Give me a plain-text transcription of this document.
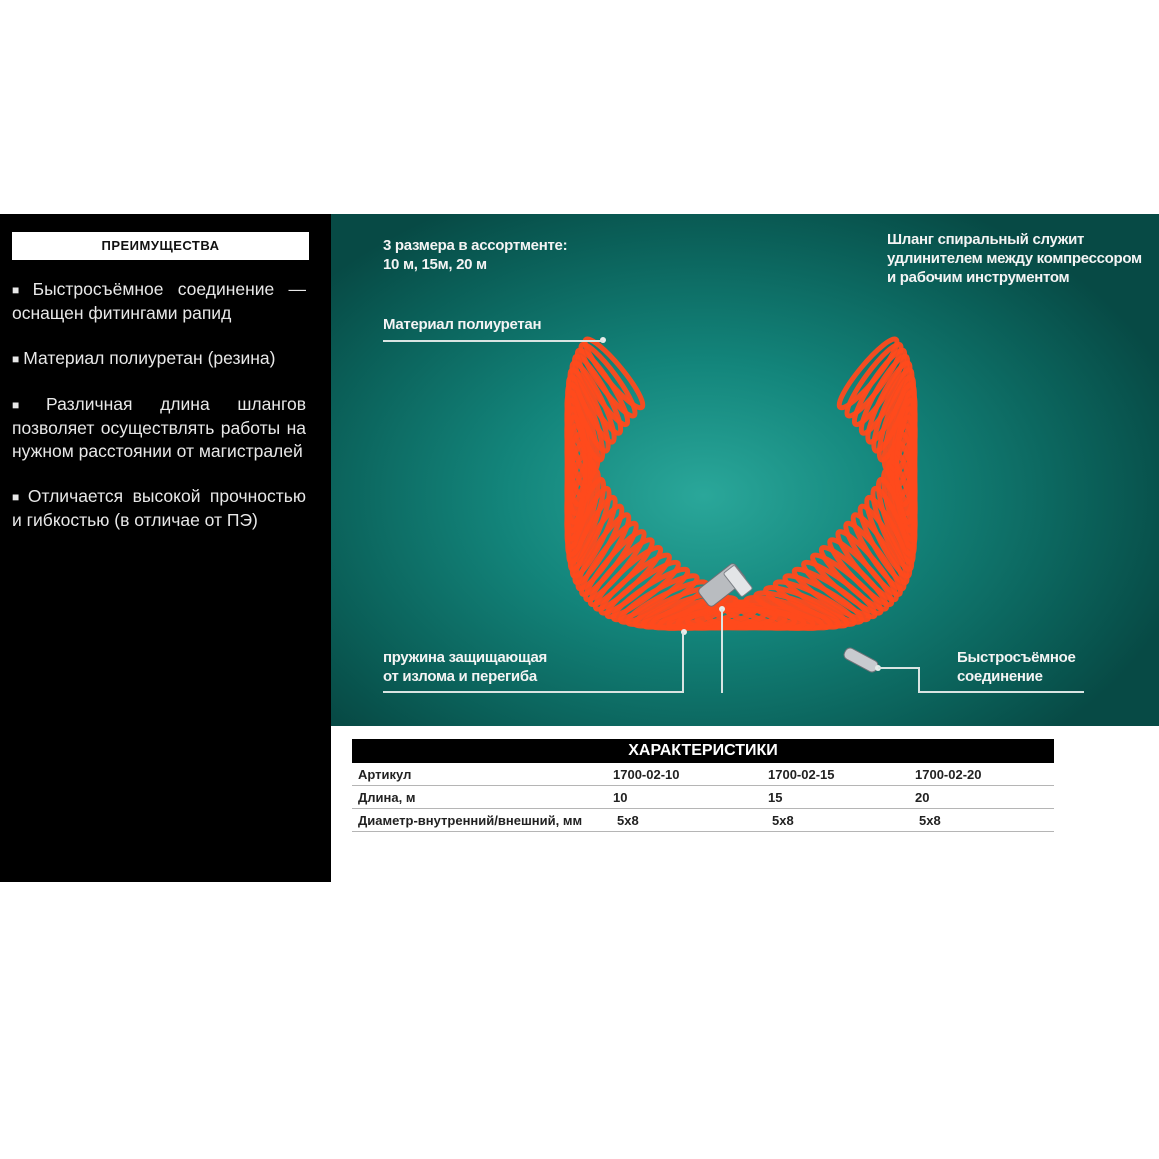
ПРЕИМУЩЕСТВА
■ Быстросъёмное соединение — оснащен фитингами рапид
■ Материал полиуретан (резина)
■ Различная длина шлангов позволяет осуществлять работы на нужном расстоянии от магистралей
■ Отличается высокой прочностью и гибкостью (в отличае от ПЭ)
3 размера в ассортменте:
10 м, 15м, 20 м
Шланг спиральный служит
удлинителем между компрессором
и рабочим инструментом
Материал полиуретан
пружина защищающая
от излома и перегиба
Быстросъёмное
соединение
ХАРАКТЕРИСТИКИ
Артикул	1700-02-10	1700-02-15	1700-02-20
Длина, м	10	15	20
Диаметр-внутренний/внешний, мм	5х8	5х8	5х8
